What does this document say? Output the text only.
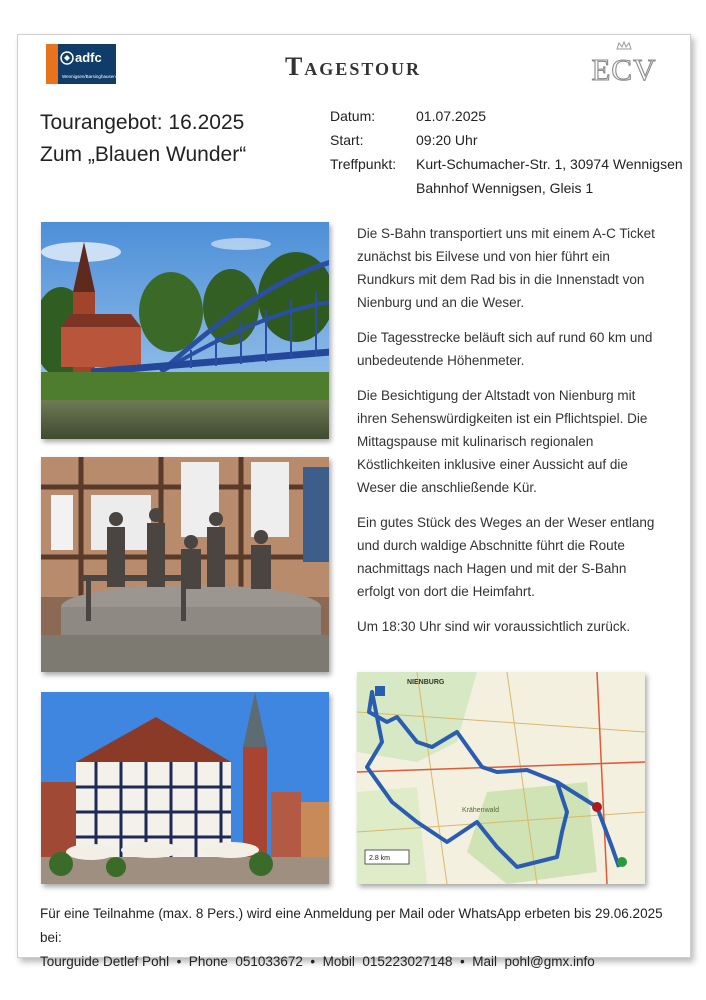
adfc
Wennigsen/Barsinghausen	Tagestour	ECV
Tourangebot: 16.2025
Zum „Blauen Wunder“
Datum:	01.07.2025
Start:	09:20 Uhr
Treffpunkt:	Kurt-Schumacher-Str. 1, 30974 Wennigsen
Bahnhof Wennigsen, Gleis 1
NIENBURG
Krähenwald
2.8 km

Die S-Bahn transportiert uns mit einem A-C Ticket zunächst bis Eilvese und von hier führt ein Rundkurs mit dem Rad bis in die Innenstadt von Nienburg und an die Weser.

Die Tagesstrecke beläuft sich auf rund 60 km und unbedeutende Höhenmeter.

Die Besichtigung der Altstadt von Nienburg mit ihren Sehenswürdigkeiten ist ein Pflichtspiel. Die Mittagspause mit kulinarisch regionalen Köstlichkeiten inklusive einer Aussicht auf die Weser die anschließende Kür.

Ein gutes Stück des Weges an der Weser entlang und durch waldige Abschnitte führt die Route nachmittags nach Hagen und mit der S-Bahn erfolgt von dort die Heimfahrt.

Um 18:30 Uhr sind wir voraussichtlich zurück.

Für eine Teilnahme (max. 8 Pers.) wird eine Anmeldung per Mail oder WhatsApp erbeten bis 29.06.2025 bei:
Tourguide Detlef Pohl  •  Phone  051033672  •  Mobil  015223027148  •  Mail  pohl@gmx.info
